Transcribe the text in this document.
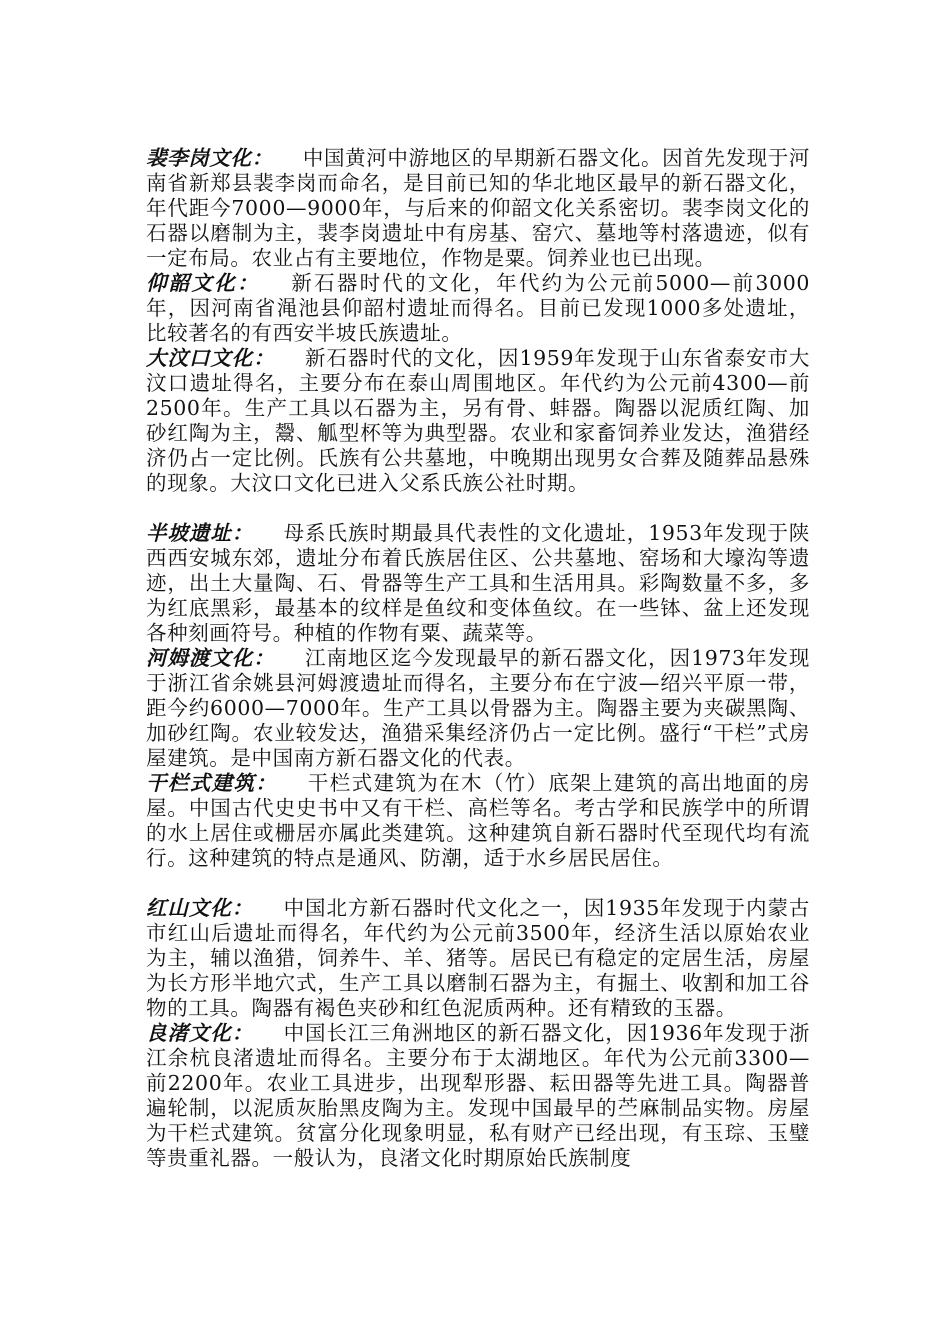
裴李岗文化： 中国黄河中游地区的早期新石器文化。因首先发现于河南省新郑县裴李岗而命名，是目前已知的华北地区最早的新石器文化，年代距今7000—9000年，与后来的仰韶文化关系密切。裴李岗文化的石器以磨制为主，裴李岗遗址中有房基、窑穴、墓地等村落遗迹，似有一定布局。农业占有主要地位，作物是粟。饲养业也已出现。

仰韶文化： 新石器时代的文化，年代约为公元前5000—前3000年，因河南省渑池县仰韶村遗址而得名。目前已发现1000多处遗址，比较著名的有西安半坡氏族遗址。

大汶口文化： 新石器时代的文化，因1959年发现于山东省泰安市大汶口遗址得名，主要分布在泰山周围地区。年代约为公元前4300—前2500年。生产工具以石器为主，另有骨、蚌器。陶器以泥质红陶、加砂红陶为主，鬶、觚型杯等为典型器。农业和家畜饲养业发达，渔猎经济仍占一定比例。氏族有公共墓地，中晚期出现男女合葬及随葬品悬殊的现象。大汶口文化已进入父系氏族公社时期。

半坡遗址： 母系氏族时期最具代表性的文化遗址，1953年发现于陕西西安城东郊，遗址分布着氏族居住区、公共墓地、窑场和大壕沟等遗迹，出土大量陶、石、骨器等生产工具和生活用具。彩陶数量不多，多为红底黑彩，最基本的纹样是鱼纹和变体鱼纹。在一些钵、盆上还发现各种刻画符号。种植的作物有粟、蔬菜等。

河姆渡文化： 江南地区迄今发现最早的新石器文化，因1973年发现于浙江省余姚县河姆渡遗址而得名，主要分布在宁波—绍兴平原一带，距今约6000—7000年。生产工具以骨器为主。陶器主要为夹碳黑陶、加砂红陶。农业较发达，渔猎采集经济仍占一定比例。盛行“干栏”式房屋建筑。是中国南方新石器文化的代表。

干栏式建筑： 干栏式建筑为在木（竹）底架上建筑的高出地面的房屋。中国古代史史书中又有干栏、高栏等名。考古学和民族学中的所谓的水上居住或栅居亦属此类建筑。这种建筑自新石器时代至现代均有流行。这种建筑的特点是通风、防潮，适于水乡居民居住。

红山文化： 中国北方新石器时代文化之一，因1935年发现于内蒙古市红山后遗址而得名，年代约为公元前3500年，经济生活以原始农业为主，辅以渔猎，饲养牛、羊、猪等。居民已有稳定的定居生活，房屋为长方形半地穴式，生产工具以磨制石器为主，有掘土、收割和加工谷物的工具。陶器有褐色夹砂和红色泥质两种。还有精致的玉器。

良渚文化： 中国长江三角洲地区的新石器文化，因1936年发现于浙江余杭良渚遗址而得名。主要分布于太湖地区。年代为公元前3300—前2200年。农业工具进步，出现犁形器、耘田器等先进工具。陶器普遍轮制，以泥质灰胎黑皮陶为主。发现中国最早的苎麻制品实物。房屋为干栏式建筑。贫富分化现象明显，私有财产已经出现，有玉琮、玉璧等贵重礼器。一般认为，良渚文化时期原始氏族制度
